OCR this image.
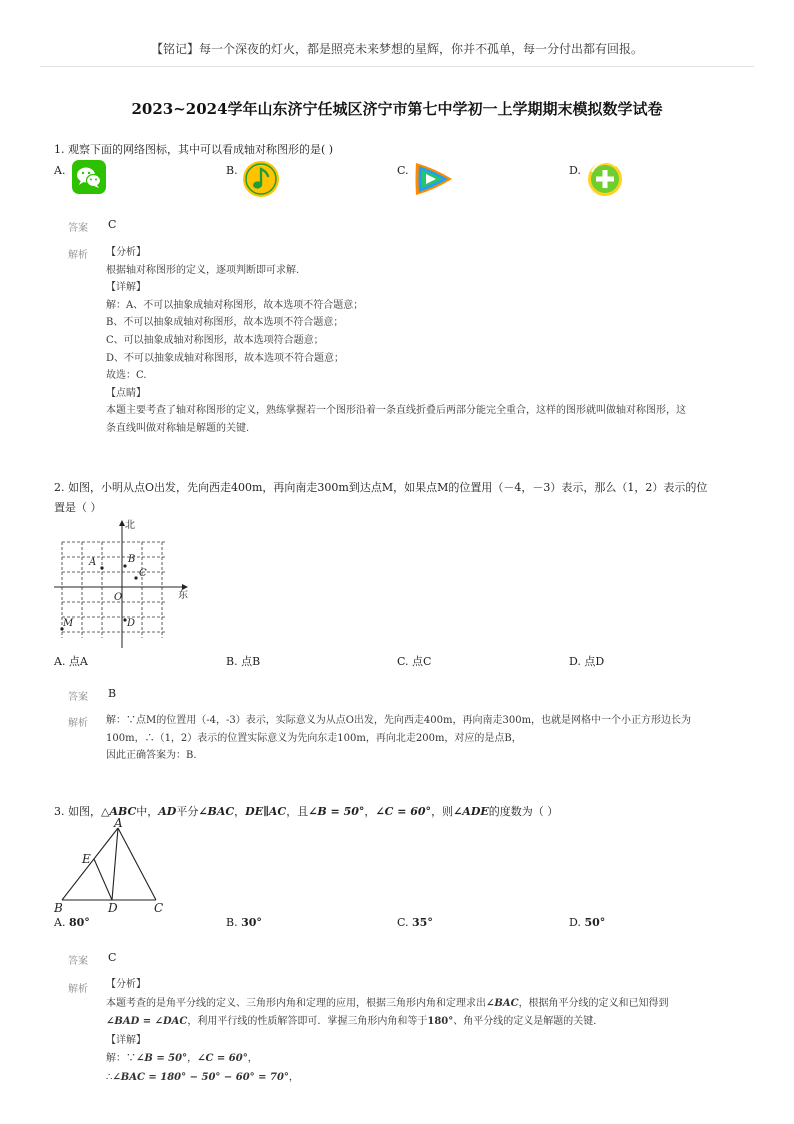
【铭记】每一个深夜的灯火，都是照亮未来梦想的星辉，你并不孤单，每一分付出都有回报。
2023~2024学年山东济宁任城区济宁市第七中学初一上学期期末模拟数学试卷
1. 观察下面的网络图标，其中可以看成轴对称图形的是( )
A.	B.	C.	D.
答案 C
解析 【分析】
根据轴对称图形的定义，逐项判断即可求解.
【详解】
解：A、不可以抽象成轴对称图形，故本选项不符合题意；
B、不可以抽象成轴对称图形，故本选项不符合题意；
C、可以抽象成轴对称图形，故本选项符合题意；
D、不可以抽象成轴对称图形，故本选项不符合题意；
故选：C.
【点睛】
本题主要考查了轴对称图形的定义，熟练掌握若一个图形沿着一条直线折叠后两部分能完全重合，这样的图形就叫做轴对称图形，这
条直线叫做对称轴是解题的关键.
2. 如图，小明从点O出发，先向西走400m，再向南走300m到达点M，如果点M的位置用（－4，－3）表示，那么（1，2）表示的位
置是（ ）
北
东
A	B
C
O
M	D
A. 点A	B. 点B	C. 点C	D. 点D
答案 B
解析 解：∵点M的位置用（-4，-3）表示，实际意义为从点O出发，先向西走400m，再向南走300m，也就是网格中一个小正方形边长为
100m，∴（1，2）表示的位置实际意义为先向东走100m，再向北走200m，对应的是点B，
因此正确答案为：B.
3. 如图，△ABC中，AD平分∠BAC，DE∥AC，且∠B = 50°，∠C = 60°，则∠ADE的度数为（ ）
A
E
B	D	C
A. 80°	B. 30°	C. 35°	D. 50°
答案 C
解析 【分析】
本题考查的是角平分线的定义、三角形内角和定理的应用，根据三角形内角和定理求出∠BAC，根据角平分线的定义和已知得到
∠BAD = ∠DAC，利用平行线的性质解答即可．掌握三角形内角和等于180°、角平分线的定义是解题的关键．
【详解】
解：∵∠B = 50°，∠C = 60°，
∴∠BAC = 180° − 50° − 60° = 70°，
